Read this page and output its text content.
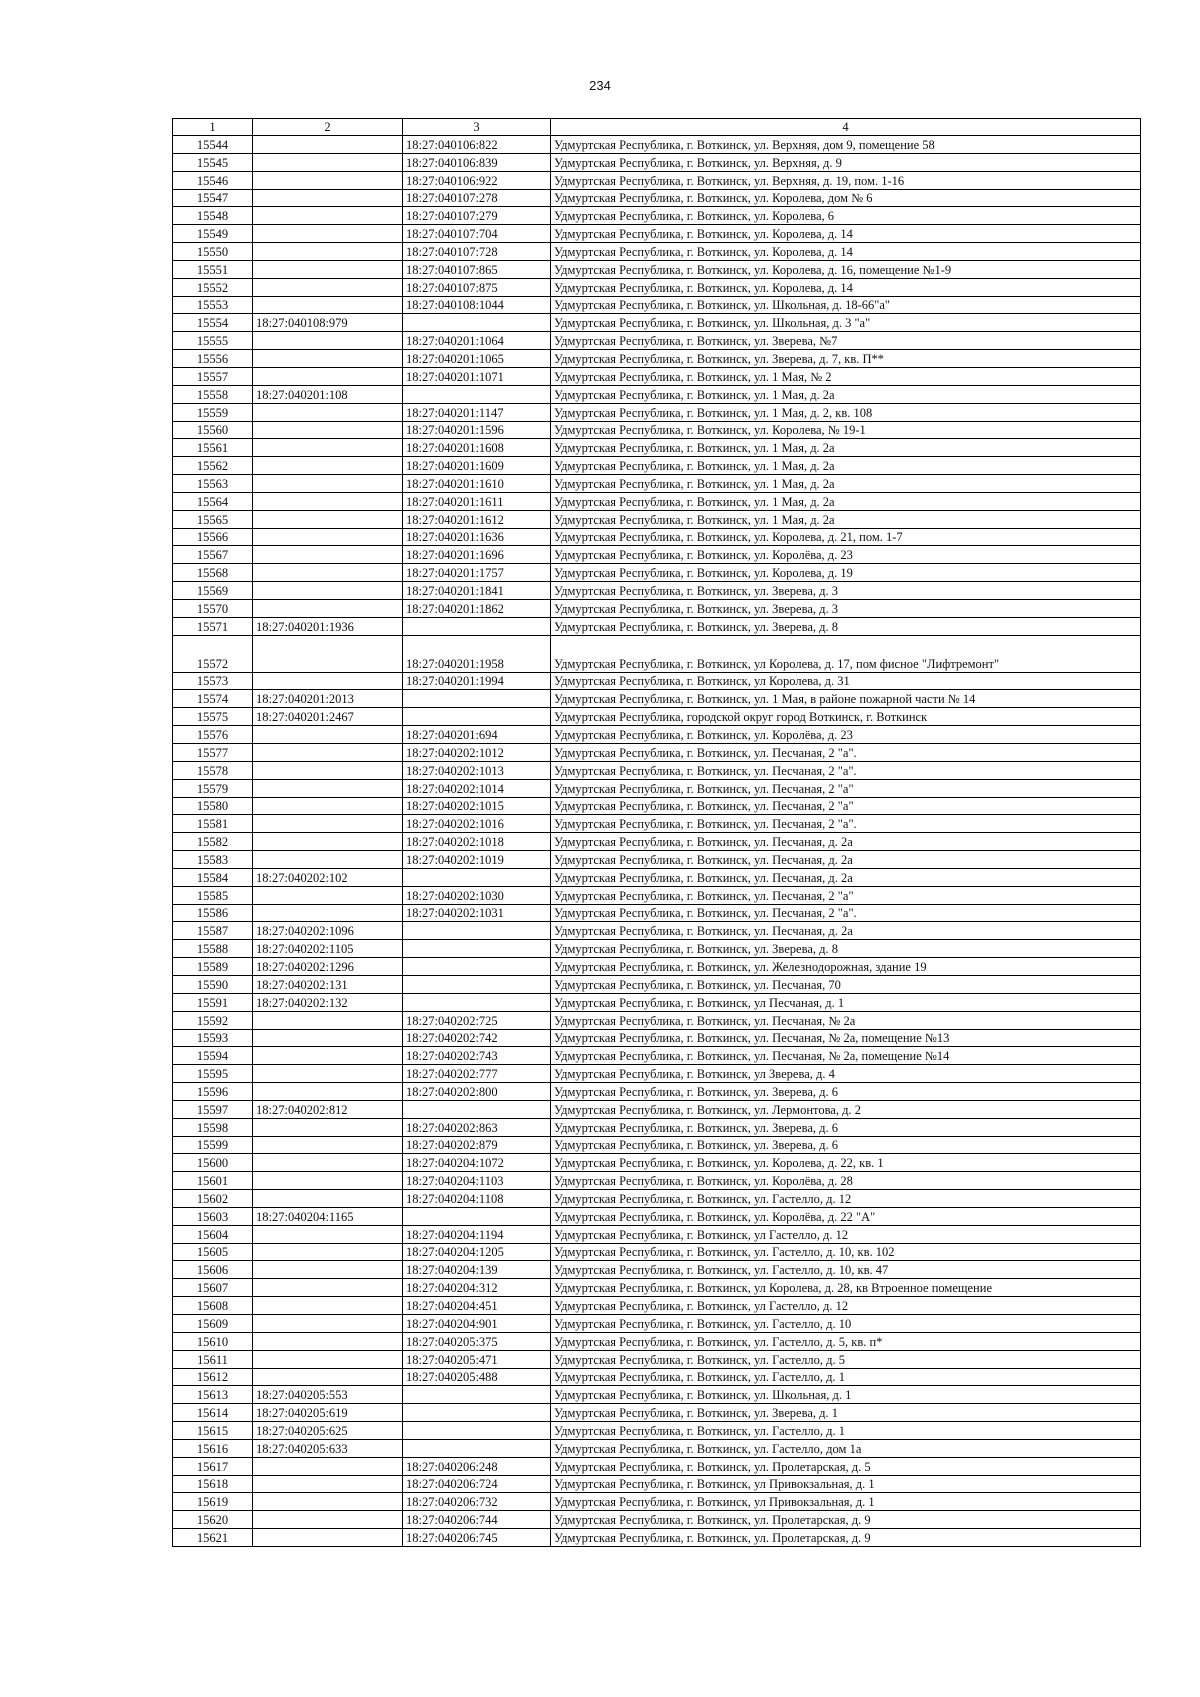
234
1	2	3	4
15544		18:27:040106:822	Удмуртская Республика, г. Воткинск, ул. Верхняя, дом 9, помещение 58
15545		18:27:040106:839	Удмуртская Республика, г. Воткинск, ул. Верхняя, д. 9
15546		18:27:040106:922	Удмуртская Республика, г. Воткинск, ул. Верхняя, д. 19, пом. 1-16
15547		18:27:040107:278	Удмуртская Республика, г. Воткинск, ул. Королева, дом № 6
15548		18:27:040107:279	Удмуртская Республика, г. Воткинск, ул. Королева, 6
15549		18:27:040107:704	Удмуртская Республика, г. Воткинск, ул. Королева, д. 14
15550		18:27:040107:728	Удмуртская Республика, г. Воткинск, ул. Королева, д. 14
15551		18:27:040107:865	Удмуртская Республика, г. Воткинск, ул. Королева, д. 16, помещение №1-9
15552		18:27:040107:875	Удмуртская Республика, г. Воткинск, ул. Королева, д. 14
15553		18:27:040108:1044	Удмуртская Республика, г. Воткинск, ул. Школьная, д. 18-66"а"
15554	18:27:040108:979		Удмуртская Республика, г. Воткинск, ул. Школьная, д. 3 "а"
15555		18:27:040201:1064	Удмуртская Республика, г. Воткинск, ул. Зверева, №7
15556		18:27:040201:1065	Удмуртская Республика, г. Воткинск, ул. Зверева, д. 7, кв. П**
15557		18:27:040201:1071	Удмуртская Республика, г. Воткинск, ул. 1 Мая, № 2
15558	18:27:040201:108		Удмуртская Республика, г. Воткинск, ул. 1 Мая, д. 2а
15559		18:27:040201:1147	Удмуртская Республика, г. Воткинск, ул. 1 Мая, д. 2, кв. 108
15560		18:27:040201:1596	Удмуртская Республика, г. Воткинск, ул. Королева, № 19-1
15561		18:27:040201:1608	Удмуртская Республика, г. Воткинск, ул. 1 Мая, д. 2а
15562		18:27:040201:1609	Удмуртская Республика, г. Воткинск, ул. 1 Мая, д. 2а
15563		18:27:040201:1610	Удмуртская Республика, г. Воткинск, ул. 1 Мая, д. 2а
15564		18:27:040201:1611	Удмуртская Республика, г. Воткинск, ул. 1 Мая, д. 2а
15565		18:27:040201:1612	Удмуртская Республика, г. Воткинск, ул. 1 Мая, д. 2а
15566		18:27:040201:1636	Удмуртская Республика, г. Воткинск, ул. Королева, д. 21, пом. 1-7
15567		18:27:040201:1696	Удмуртская Республика, г. Воткинск, ул. Королёва, д. 23
15568		18:27:040201:1757	Удмуртская Республика, г. Воткинск, ул. Королева, д. 19
15569		18:27:040201:1841	Удмуртская Республика, г. Воткинск, ул. Зверева, д. 3
15570		18:27:040201:1862	Удмуртская Республика, г. Воткинск, ул. Зверева, д. 3
15571	18:27:040201:1936		Удмуртская Республика, г. Воткинск, ул. Зверева, д. 8
15572		18:27:040201:1958	Удмуртская Республика, г. Воткинск, ул Королева, д. 17, пом фисное "Лифтремонт"
15573		18:27:040201:1994	Удмуртская Республика, г. Воткинск, ул Королева, д. 31
15574	18:27:040201:2013		Удмуртская Республика, г. Воткинск, ул. 1 Мая, в районе пожарной части № 14
15575	18:27:040201:2467		Удмуртская Республика, городской округ город Воткинск, г. Воткинск
15576		18:27:040201:694	Удмуртская Республика, г. Воткинск, ул. Королёва, д. 23
15577		18:27:040202:1012	Удмуртская Республика, г. Воткинск, ул. Песчаная, 2 "а".
15578		18:27:040202:1013	Удмуртская Республика, г. Воткинск, ул. Песчаная, 2 "а".
15579		18:27:040202:1014	Удмуртская Республика, г. Воткинск, ул. Песчаная, 2 "а"
15580		18:27:040202:1015	Удмуртская Республика, г. Воткинск, ул. Песчаная, 2 "а"
15581		18:27:040202:1016	Удмуртская Республика, г. Воткинск, ул. Песчаная, 2 "а".
15582		18:27:040202:1018	Удмуртская Республика, г. Воткинск, ул. Песчаная, д. 2а
15583		18:27:040202:1019	Удмуртская Республика, г. Воткинск, ул. Песчаная, д. 2а
15584	18:27:040202:102		Удмуртская Республика, г. Воткинск, ул. Песчаная, д. 2а
15585		18:27:040202:1030	Удмуртская Республика, г. Воткинск, ул. Песчаная, 2 "а"
15586		18:27:040202:1031	Удмуртская Республика, г. Воткинск, ул. Песчаная, 2 "а".
15587	18:27:040202:1096		Удмуртская Республика, г. Воткинск, ул. Песчаная, д. 2а
15588	18:27:040202:1105		Удмуртская Республика, г. Воткинск, ул. Зверева, д. 8
15589	18:27:040202:1296		Удмуртская Республика, г. Воткинск, ул. Железнодорожная, здание 19
15590	18:27:040202:131		Удмуртская Республика, г. Воткинск, ул. Песчаная, 70
15591	18:27:040202:132		Удмуртская Республика, г. Воткинск, ул Песчаная, д. 1
15592		18:27:040202:725	Удмуртская Республика, г. Воткинск, ул. Песчаная, № 2а
15593		18:27:040202:742	Удмуртская Республика, г. Воткинск, ул. Песчаная, № 2а, помещение №13
15594		18:27:040202:743	Удмуртская Республика, г. Воткинск, ул. Песчаная, № 2а, помещение №14
15595		18:27:040202:777	Удмуртская Республика, г. Воткинск, ул Зверева, д. 4
15596		18:27:040202:800	Удмуртская Республика, г. Воткинск, ул. Зверева, д. 6
15597	18:27:040202:812		Удмуртская Республика, г. Воткинск, ул. Лермонтова, д. 2
15598		18:27:040202:863	Удмуртская Республика, г. Воткинск, ул. Зверева, д. 6
15599		18:27:040202:879	Удмуртская Республика, г. Воткинск, ул. Зверева, д. 6
15600		18:27:040204:1072	Удмуртская Республика, г. Воткинск, ул. Королева, д. 22, кв. 1
15601		18:27:040204:1103	Удмуртская Республика, г. Воткинск, ул. Королёва, д. 28
15602		18:27:040204:1108	Удмуртская Республика, г. Воткинск, ул. Гастелло, д. 12
15603	18:27:040204:1165		Удмуртская Республика, г. Воткинск, ул. Королёва, д. 22 "А"
15604		18:27:040204:1194	Удмуртская Республика, г. Воткинск, ул Гастелло, д. 12
15605		18:27:040204:1205	Удмуртская Республика, г. Воткинск, ул. Гастелло, д. 10, кв. 102
15606		18:27:040204:139	Удмуртская Республика, г. Воткинск, ул. Гастелло, д. 10, кв. 47
15607		18:27:040204:312	Удмуртская Республика, г. Воткинск, ул Королева, д. 28, кв Втроенное помещение
15608		18:27:040204:451	Удмуртская Республика, г. Воткинск, ул Гастелло, д. 12
15609		18:27:040204:901	Удмуртская Республика, г. Воткинск, ул. Гастелло, д. 10
15610		18:27:040205:375	Удмуртская Республика, г. Воткинск, ул. Гастелло, д. 5, кв. п*
15611		18:27:040205:471	Удмуртская Республика, г. Воткинск, ул. Гастелло, д. 5
15612		18:27:040205:488	Удмуртская Республика, г. Воткинск, ул. Гастелло, д. 1
15613	18:27:040205:553		Удмуртская Республика, г. Воткинск, ул. Школьная, д. 1
15614	18:27:040205:619		Удмуртская Республика, г. Воткинск, ул. Зверева, д. 1
15615	18:27:040205:625		Удмуртская Республика, г. Воткинск, ул. Гастелло, д. 1
15616	18:27:040205:633		Удмуртская Республика, г. Воткинск, ул. Гастелло, дом 1а
15617		18:27:040206:248	Удмуртская Республика, г. Воткинск, ул. Пролетарская, д. 5
15618		18:27:040206:724	Удмуртская Республика, г. Воткинск, ул Привокзальная, д. 1
15619		18:27:040206:732	Удмуртская Республика, г. Воткинск, ул Привокзальная, д. 1
15620		18:27:040206:744	Удмуртская Республика, г. Воткинск, ул. Пролетарская, д. 9
15621		18:27:040206:745	Удмуртская Республика, г. Воткинск, ул. Пролетарская, д. 9
